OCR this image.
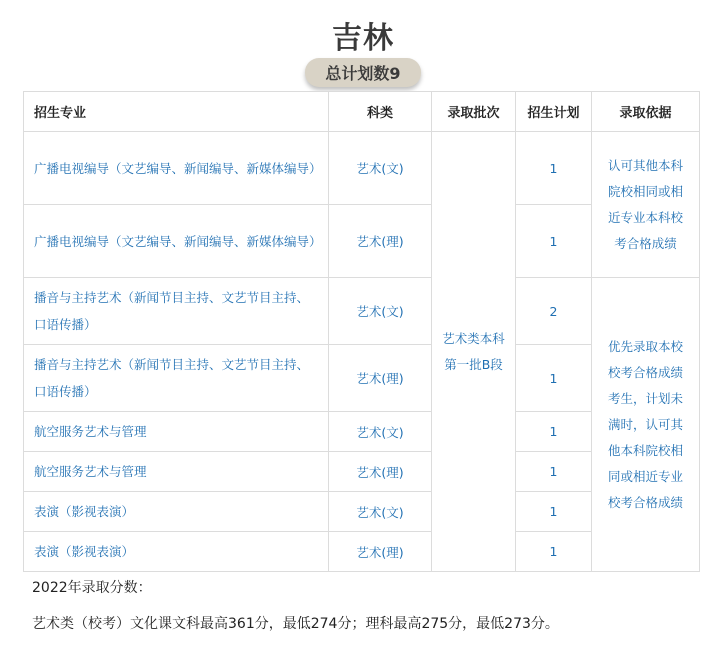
吉林
总计划数9
招生专业	科类	录取批次	招生计划	录取依据
广播电视编导（文艺编导、新闻编导、新媒体编导）	艺术(文)	艺术类本科第一批B段	1	认可其他本科院校相同或相近专业本科校考合格成绩
广播电视编导（文艺编导、新闻编导、新媒体编导）	艺术(理)		1	
播音与主持艺术（新闻节目主持、文艺节目主持、口语传播）	艺术(文)		2	优先录取本校校考合格成绩考生，计划未满时，认可其他本科院校相同或相近专业校考合格成绩
播音与主持艺术（新闻节目主持、文艺节目主持、口语传播）	艺术(理)		1	
航空服务艺术与管理	艺术(文)		1	
航空服务艺术与管理	艺术(理)		1	
表演（影视表演）	艺术(文)		1	
表演（影视表演）	艺术(理)		1	
2022年录取分数：
艺术类（校考）文化课文科最高361分，最低274分；理科最高275分，最低273分。
